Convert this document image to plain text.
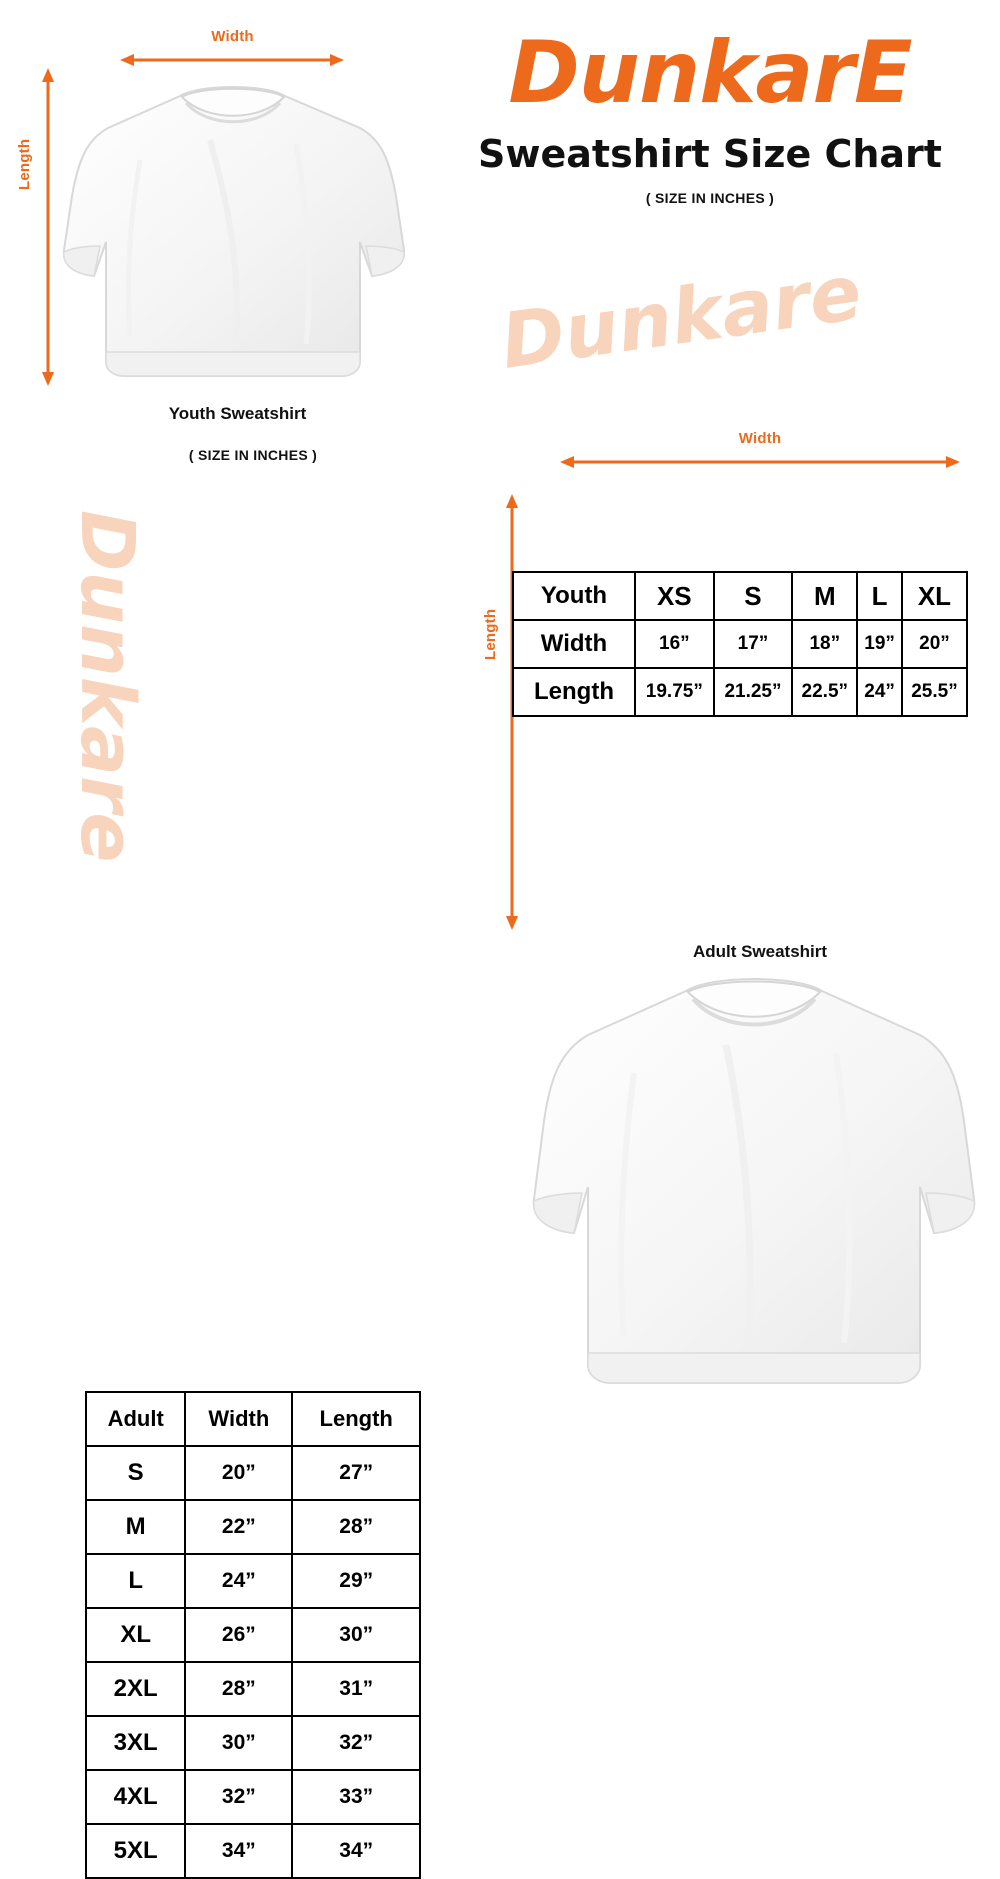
Width
Length
Youth Sweatshirt
DunkarE
Sweatshirt Size Chart
( SIZE IN INCHES )
Dunkare
Youth	XS	S	M	L	XL
Width	16”	17”	18”	19”	20”
Length	19.75”	21.25”	22.5”	24”	25.5”
Width
Length
Adult Sweatshirt
( SIZE IN INCHES )
Dunkare
Adult	Width	Length
S	20”	27”
M	22”	28”
L	24”	29”
XL	26”	30”
2XL	28”	31”
3XL	30”	32”
4XL	32”	33”
5XL	34”	34”
